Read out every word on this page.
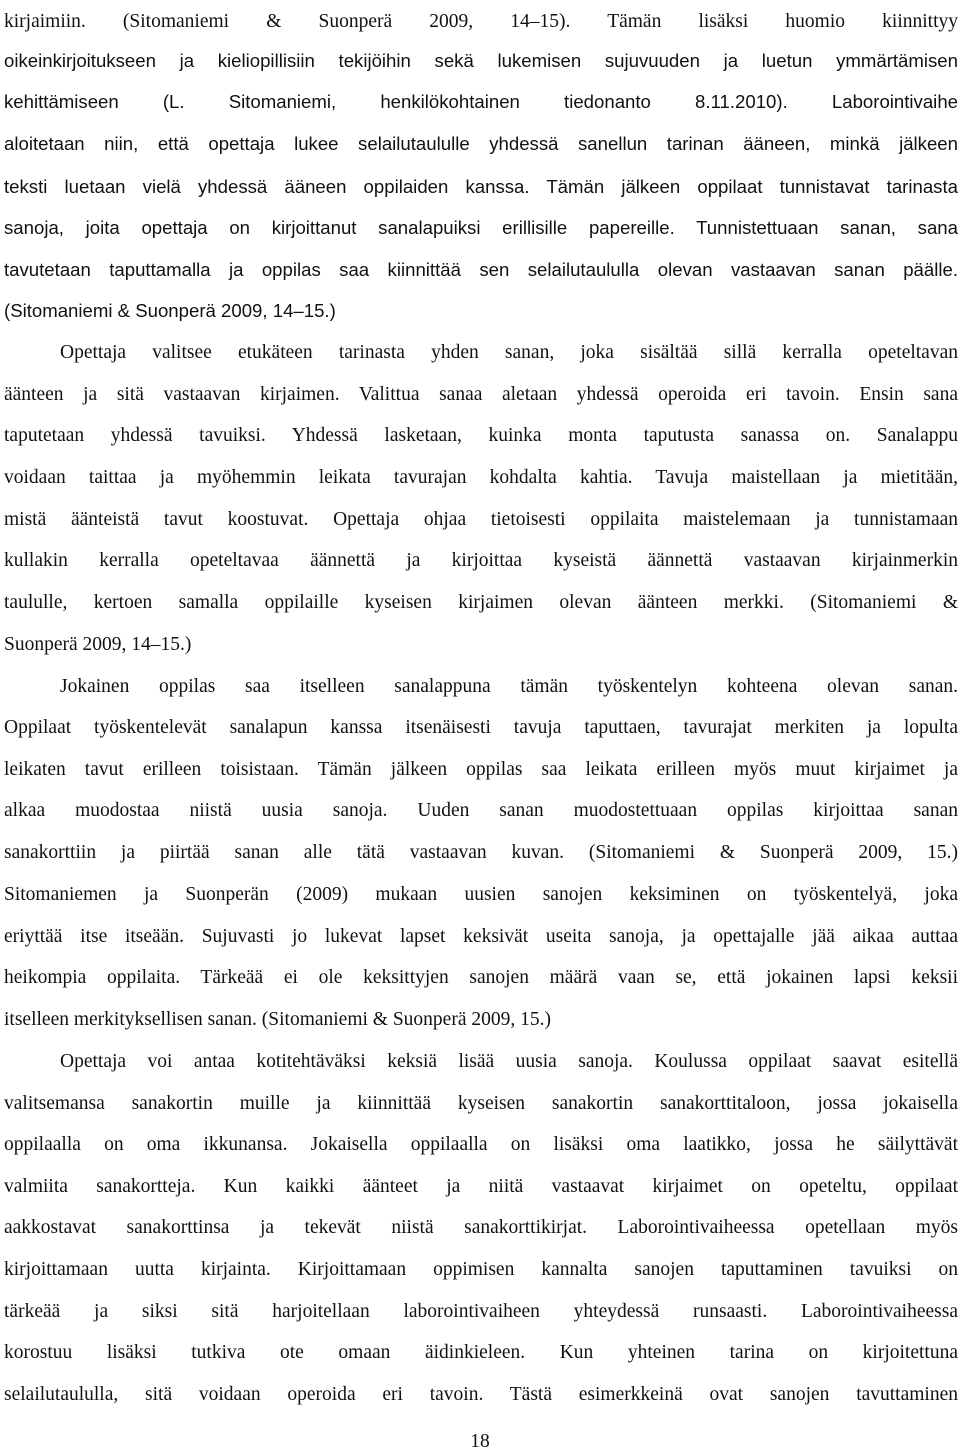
kirjaimiin. (Sitomaniemi & Suonperä 2009, 14–15). Tämän lisäksi huomio kiinnittyy
oikeinkirjoitukseen ja kieliopillisiin tekijöihin sekä lukemisen sujuvuuden ja luetun ymmärtämisen
kehittämiseen (L. Sitomaniemi, henkilökohtainen tiedonanto 8.11.2010). Laborointivaihe
aloitetaan niin, että opettaja lukee selailutaululle yhdessä sanellun tarinan ääneen, minkä jälkeen
teksti luetaan vielä yhdessä ääneen oppilaiden kanssa. Tämän jälkeen oppilaat tunnistavat tarinasta
sanoja, joita opettaja on kirjoittanut sanalapuiksi erillisille papereille. Tunnistettuaan sanan, sana
tavutetaan taputtamalla ja oppilas saa kiinnittää sen selailutaululla olevan vastaavan sanan päälle.
(Sitomaniemi & Suonperä 2009, 14–15.)
Opettaja valitsee etukäteen tarinasta yhden sanan, joka sisältää sillä kerralla opeteltavan
äänteen ja sitä vastaavan kirjaimen. Valittua sanaa aletaan yhdessä operoida eri tavoin. Ensin sana
taputetaan yhdessä tavuiksi. Yhdessä lasketaan, kuinka monta taputusta sanassa on. Sanalappu
voidaan taittaa ja myöhemmin leikata tavurajan kohdalta kahtia. Tavuja maistellaan ja mietitään,
mistä äänteistä tavut koostuvat. Opettaja ohjaa tietoisesti oppilaita maistelemaan ja tunnistamaan
kullakin kerralla opeteltavaa äännettä ja kirjoittaa kyseistä äännettä vastaavan kirjainmerkin
taululle, kertoen samalla oppilaille kyseisen kirjaimen olevan äänteen merkki. (Sitomaniemi &
Suonperä 2009, 14–15.)
Jokainen oppilas saa itselleen sanalappuna tämän työskentelyn kohteena olevan sanan.
Oppilaat työskentelevät sanalapun kanssa itsenäisesti tavuja taputtaen, tavurajat merkiten ja lopulta
leikaten tavut erilleen toisistaan. Tämän jälkeen oppilas saa leikata erilleen myös muut kirjaimet ja
alkaa muodostaa niistä uusia sanoja. Uuden sanan muodostettuaan oppilas kirjoittaa sanan
sanakorttiin ja piirtää sanan alle tätä vastaavan kuvan. (Sitomaniemi & Suonperä 2009, 15.)
Sitomaniemen ja Suonperän (2009) mukaan uusien sanojen keksiminen on työskentelyä, joka
eriyttää itse itseään. Sujuvasti jo lukevat lapset keksivät useita sanoja, ja opettajalle jää aikaa auttaa
heikompia oppilaita. Tärkeää ei ole keksittyjen sanojen määrä vaan se, että jokainen lapsi keksii
itselleen merkityksellisen sanan. (Sitomaniemi & Suonperä 2009, 15.)
Opettaja voi antaa kotitehtäväksi keksiä lisää uusia sanoja. Koulussa oppilaat saavat esitellä
valitsemansa sanakortin muille ja kiinnittää kyseisen sanakortin sanakorttitaloon, jossa jokaisella
oppilaalla on oma ikkunansa. Jokaisella oppilaalla on lisäksi oma laatikko, jossa he säilyttävät
valmiita sanakortteja. Kun kaikki äänteet ja niitä vastaavat kirjaimet on opeteltu, oppilaat
aakkostavat sanakorttinsa ja tekevät niistä sanakorttikirjat. Laborointivaiheessa opetellaan myös
kirjoittamaan uutta kirjainta. Kirjoittamaan oppimisen kannalta sanojen taputtaminen tavuiksi on
tärkeää ja siksi sitä harjoitellaan laborointivaiheen yhteydessä runsaasti. Laborointivaiheessa
korostuu lisäksi tutkiva ote omaan äidinkieleen. Kun yhteinen tarina on kirjoitettuna
selailutaululla, sitä voidaan operoida eri tavoin. Tästä esimerkkeinä ovat sanojen tavuttaminen
18
